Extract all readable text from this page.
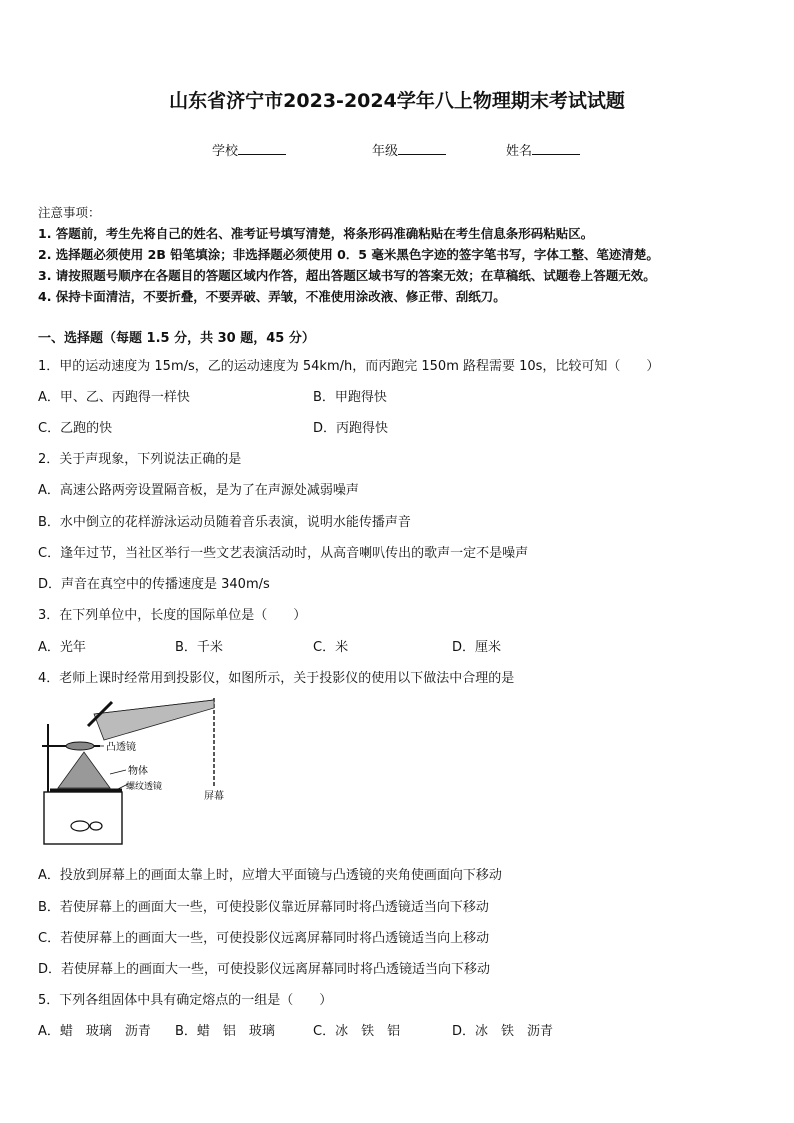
山东省济宁市2023-2024学年八上物理期末考试试题
学校	年级	姓名
注意事项：
1. 答题前，考生先将自己的姓名、准考证号填写清楚，将条形码准确粘贴在考生信息条形码粘贴区。
2. 选择题必须使用 2B 铅笔填涂；非选择题必须使用 0．5 毫米黑色字迹的签字笔书写，字体工整、笔迹清楚。
3. 请按照题号顺序在各题目的答题区域内作答，超出答题区域书写的答案无效；在草稿纸、试题卷上答题无效。
4. 保持卡面清洁，不要折叠，不要弄破、弄皱，不准使用涂改液、修正带、刮纸刀。
一、选择题（每题 1.5 分，共 30 题，45 分）
1．甲的运动速度为 15m/s，乙的运动速度为 54km/h，而丙跑完 150m 路程需要 10s，比较可知（　　）
A．甲、乙、丙跑得一样快	B．甲跑得快
C．乙跑的快	D．丙跑得快
2．关于声现象，下列说法正确的是
A．高速公路两旁设置隔音板，是为了在声源处减弱噪声
B．水中倒立的花样游泳运动员随着音乐表演，说明水能传播声音
C．逢年过节，当社区举行一些文艺表演活动时，从高音喇叭传出的歌声一定不是噪声
D．声音在真空中的传播速度是 340m/s
3．在下列单位中，长度的国际单位是（　　）
A．光年	B．千米	C．米	D．厘米
4．老师上课时经常用到投影仪，如图所示，关于投影仪的使用以下做法中合理的是
凸透镜
物体
螺纹透镜
屏幕
A．投放到屏幕上的画面太靠上时，应增大平面镜与凸透镜的夹角使画面向下移动
B．若使屏幕上的画面大一些，可使投影仪靠近屏幕同时将凸透镜适当向下移动
C．若使屏幕上的画面大一些，可使投影仪远离屏幕同时将凸透镜适当向上移动
D．若使屏幕上的画面大一些，可使投影仪远离屏幕同时将凸透镜适当向下移动
5．下列各组固体中具有确定熔点的一组是（　　）
A．蜡　玻璃　沥青 B．蜡　铝　玻璃	C．冰　铁　铝	D．冰　铁　沥青
